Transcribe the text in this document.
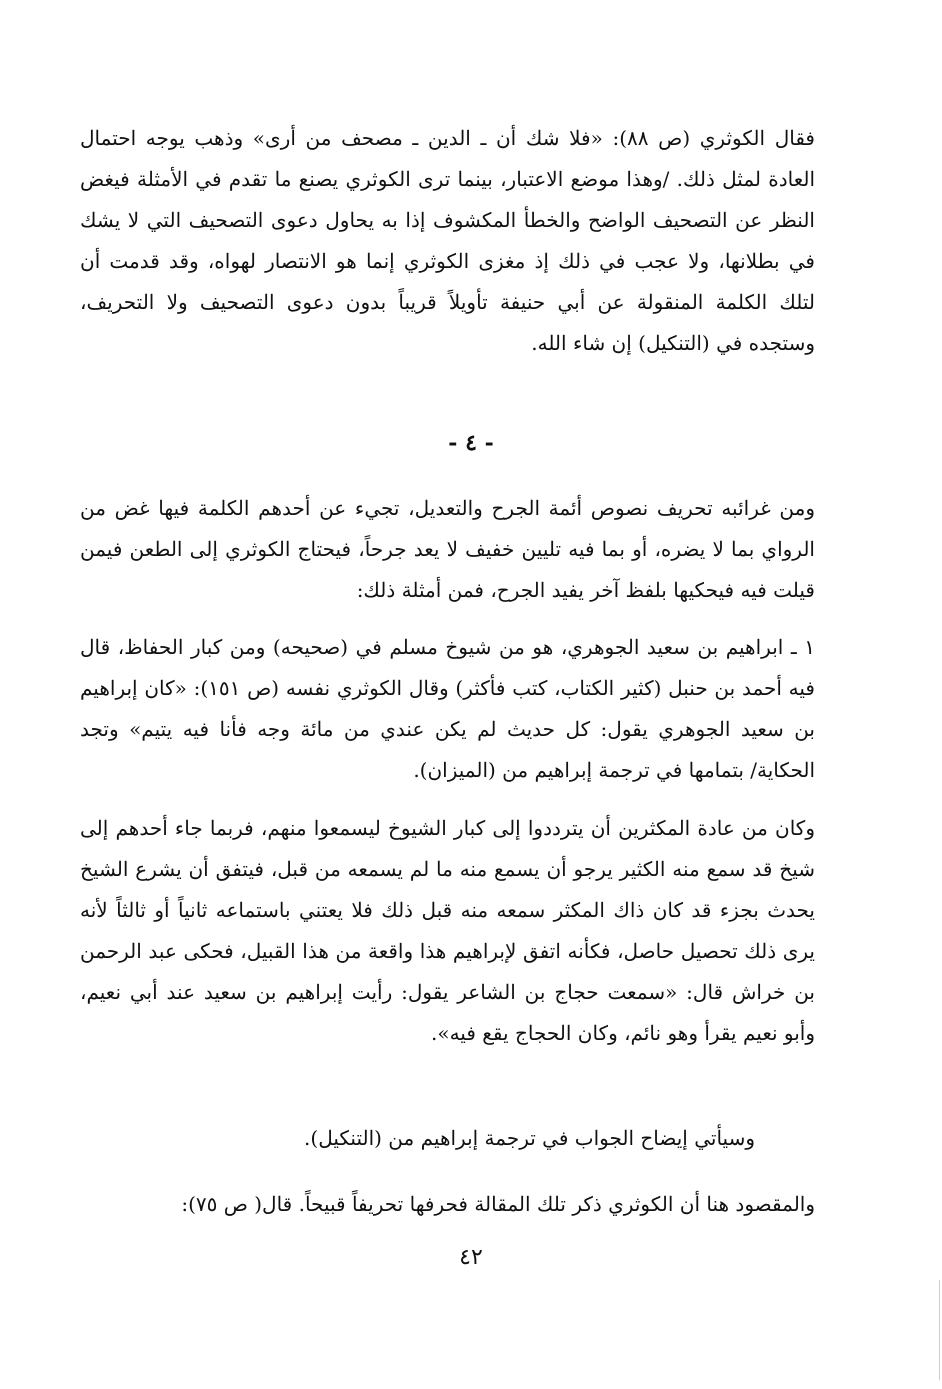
فقال الكوثري (ص ٨٨): «فلا شك أن ـ الدين ـ مصحف من أرى» وذهب يوجه احتمال العادة لمثل ذلك. /وهذا موضع الاعتبار، بينما ترى الكوثري يصنع ما تقدم في الأمثلة فيغض النظر عن التصحيف الواضح والخطأ المكشوف إذا به يحاول دعوى التصحيف التي لا يشك في بطلانها، ولا عجب في ذلك إذ مغزى الكوثري إنما هو الانتصار لهواه، وقد قدمت أن لتلك الكلمة المنقولة عن أبي حنيفة تأويلاً قريباً بدون دعوى التصحيف ولا التحريف، وستجده في (التنكيل) إن شاء الله.

- ٤ -

ومن غرائبه تحريف نصوص أئمة الجرح والتعديل، تجيء عن أحدهم الكلمة فيها غض من الرواي بما لا يضره، أو بما فيه تليين خفيف لا يعد جرحاً، فيحتاج الكوثري إلى الطعن فيمن قيلت فيه فيحكيها بلفظ آخر يفيد الجرح، فمن أمثلة ذلك:

١ ـ ابراهيم بن سعيد الجوهري، هو من شيوخ مسلم في (صحيحه) ومن كبار الحفاظ، قال فيه أحمد بن حنبل (كثير الكتاب، كتب فأكثر) وقال الكوثري نفسه (ص ١٥١): «كان إبراهيم بن سعيد الجوهري يقول: كل حديث لم يكن عندي من مائة وجه فأنا فيه يتيم» وتجد الحكاية/ بتمامها في ترجمة إبراهيم من (الميزان).

وكان من عادة المكثرين أن يترددوا إلى كبار الشيوخ ليسمعوا منهم، فربما جاء أحدهم إلى شيخ قد سمع منه الكثير يرجو أن يسمع منه ما لم يسمعه من قبل، فيتفق أن يشرع الشيخ يحدث بجزء قد كان ذاك المكثر سمعه منه قبل ذلك فلا يعتني باستماعه ثانياً أو ثالثاً لأنه يرى ذلك تحصيل حاصل، فكأنه اتفق لإبراهيم هذا واقعة من هذا القبيل، فحكى عبد الرحمن بن خراش قال: «سمعت حجاج بن الشاعر يقول: رأيت إبراهيم بن سعيد عند أبي نعيم، وأبو نعيم يقرأ وهو نائم، وكان الحجاج يقع فيه».

وسيأتي إيضاح الجواب في ترجمة إبراهيم من (التنكيل).

والمقصود هنا أن الكوثري ذكر تلك المقالة فحرفها تحريفاً قبيحاً. قال( ص ٧٥):

٤٢
